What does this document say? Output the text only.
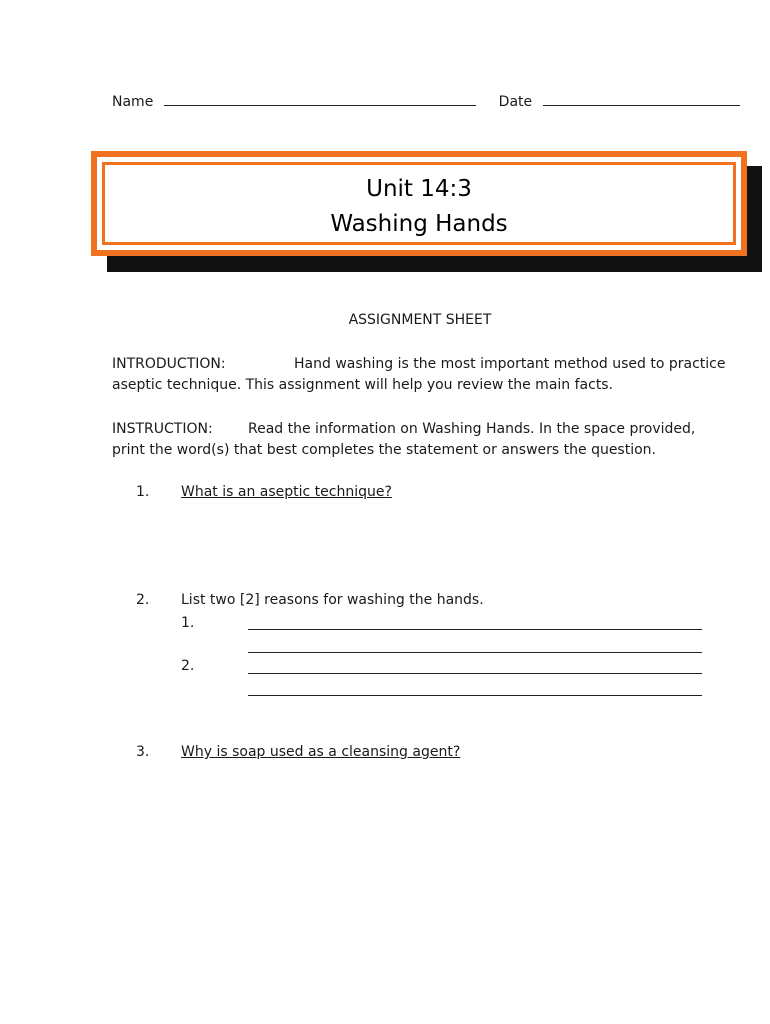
Name	Date
Unit 14:3
Washing Hands
ASSIGNMENT SHEET
INTRODUCTION:	Hand washing is the most important method used to practice
aseptic technique. This assignment will help you review the main facts.
INSTRUCTION:	Read the information on Washing Hands. In the space provided,
print the word(s) that best completes the statement or answers the question.
1. What is an aseptic technique?
2. List two [2] reasons for washing the hands.
1.
2.
3. Why is soap used as a cleansing agent?
